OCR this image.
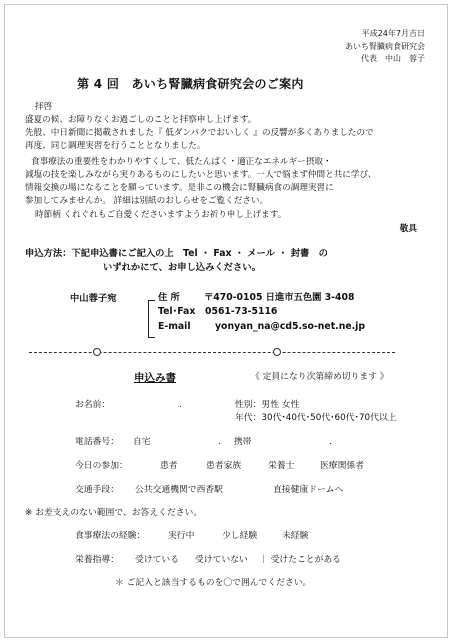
平成24年7月吉日
あいち腎臓病食研究会
代表　中山　蓉子
第 4 回　あいち腎臓病食研究会のご案内
拝啓
盛夏の候、お障りなくお過ごしのことと拝察申し上げます。
先般、中日新聞に掲載されました『 低ダンパクでおいしく 』の反響が多くありましたので
再度、同じ調理実習を行うこととなりました。
食事療法の重要性をわかりやすくして、低たんぱく・適正なエネルギー摂取・
減塩の技を楽しみながら実りあるものにしたいと思います。一人で悩まず仲間と共に学び、
情報交換の場になることを願っています。是非この機会に腎臓病食の調理実習に
参加してみませんか。 詳細は別紙のおしらせをご覧ください。
時節柄 くれぐれもご自愛くださいますようお祈り申し上げます。
敬具
申込方法：下記申込書にご記入の上　Tel ・ Fax ・ メール ・ 封書　の
いずれかにて、お申し込みください。
中山蓉子宛	住 所	〒470-0105 日進市五色園 3-408
Tel･Fax 0561-73-5116
E-mail	yonyan_na@cd5.so-net.ne.jp
申込み書	《 定員になり次第締め切ります 》
お名前：	.	性別：男性 女性
年代：30代･40代･50代･60代･70代以上
電話番号： 自宅	. 携帯	.
今日の参加：	患者	患者家族	栄養士	医療関係者
交通手段： 公共交通機関で西香駅	直接健康ドームへ
※ お差支えのない範囲で、お答えください。
食事療法の経験：	実行中	少し経験	未経験
栄養指導： 受けている 受けていない ｜ 受けたことがある
＊ ご記入と該当するものを〇で囲んでください。
